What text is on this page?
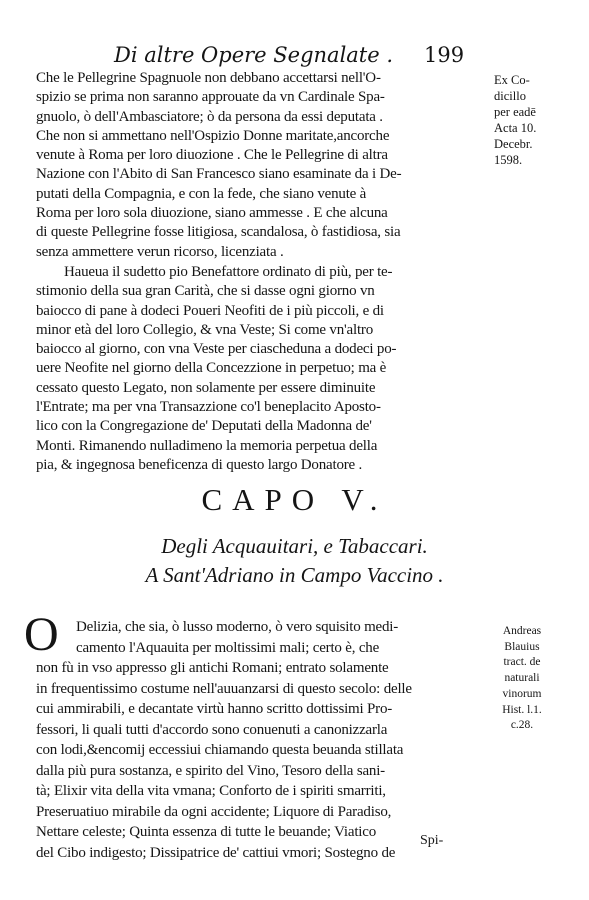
Di altre Opere Segnalate .	199
Ex Co-
dicillo
per eadē
Acta 10.
Decebr.
1598.
Che le Pellegrine Spagnuole non debbano accettarsi nell'O-
spizio se prima non saranno approuate da vn Cardinale Spa-
gnuolo, ò dell'Ambasciatore; ò da persona da essi deputata .
Che non si ammettano nell'Ospizio Donne maritate,ancorche
venute à Roma per loro diuozione . Che le Pellegrine di altra
Nazione con l'Abito di San Francesco siano esaminate da i De-
putati della Compagnia, e con la fede, che siano venute à
Roma per loro sola diuozione, siano ammesse . E che alcuna
di queste Pellegrine fosse litigiosa, scandalosa, ò fastidiosa, sia
senza ammettere verun ricorso, licenziata .
Haueua il sudetto pio Benefattore ordinato di più, per te-
stimonio della sua gran Carità, che si dasse ogni giorno vn
baiocco di pane à dodeci Poueri Neofiti de i più piccoli, e di
minor età del loro Collegio, & vna Veste; Si come vn'altro
baiocco al giorno, con vna Veste per ciascheduna a dodeci po-
uere Neofite nel giorno della Concezzione in perpetuo; ma è
cessato questo Legato, non solamente per essere diminuite
l'Entrate; ma per vna Transazzione co'l beneplacito Aposto-
lico con la Congregazione de' Deputati della Madonna de'
Monti. Rimanendo nulladimeno la memoria perpetua della
pia, & ingegnosa beneficenza di questo largo Donatore .
CAPO V.
Degli Acquauitari, e Tabaccari.
A Sant'Adriano in Campo Vaccino .
Andreas
Blauius
tract. de
naturali
vinorum
Hist. l.1.
c.28.
O	Delizia, che sia, ò lusso moderno, ò vero squisito medi-
camento l'Aquauita per moltissimi mali; certo è, che
non fù in vso appresso gli antichi Romani; entrato solamente
in frequentissimo costume nell'auuanzarsi di questo secolo: delle
cui ammirabili, e decantate virtù hanno scritto dottissimi Pro-
fessori, li quali tutti d'accordo sono conuenuti a canonizzarla
con lodi,&encomij eccessiui chiamando questa beuanda stillata
dalla più pura sostanza, e spirito del Vino, Tesoro della sani-
tà; Elixir vita della vita vmana; Conforto de i spiriti smarriti,
Preseruatiuo mirabile da ogni accidente; Liquore di Paradiso,
Nettare celeste; Quinta essenza di tutte le beuande; Viatico
del Cibo indigesto; Dissipatrice de' cattiui vmori; Sostegno de
Spi-
